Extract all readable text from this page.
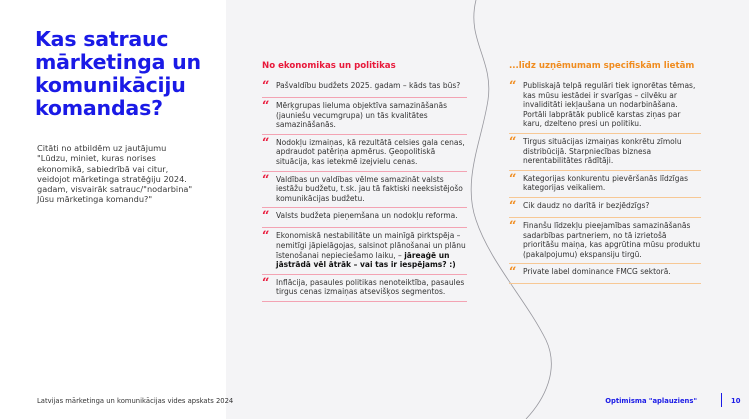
Kas satrauc mārketinga un komunikāciju komandas?

Citāti no atbildēm uz jautājumu "Lūdzu, miniet, kuras norises ekonomikā, sabiedrībā vai citur, veidojot mārketinga stratēģiju 2024. gadam, visvairāk satrauc/"nodarbina" Jūsu mārketinga komandu?"

No ekonomikas un politikas
“ Pašvaldību budžets 2025. gadam – kāds tas būs?
“ Mērķgrupas lieluma objektīva samazināšanās (jauniešu vecumgrupa) un tās kvalitātes samazināšanās.
“ Nodokļu izmaiņas, kā rezultātā celsies gala cenas, apdraudot patēriņa apmērus. Ģeopolitiskā situācija, kas ietekmē izejvielu cenas.
“ Valdības un valdības vēlme samazināt valsts iestāžu budžetu, t.sk. jau tā faktiski neeksistējošo komunikācijas budžetu.
“ Valsts budžeta pieņemšana un nodokļu reforma.
“ Ekonomiskā nestabilitāte un mainīgā pirktspēja – nemitīgi jāpielāgojas, salsinot plānošanai un plānu īstenošanai nepieciešamo laiku, – jāreaģē un jāstrādā vēl ātrāk – vai tas ir iespējams? :)
“ Inflācija, pasaules politikas nenoteiktība, pasaules tirgus cenas izmaiņas atsevišķos segmentos.
...līdz uzņēmumam specifiskām lietām
“ Publiskajā telpā regulāri tiek ignorētas tēmas, kas mūsu iestādei ir svarīgas – cilvēku ar invaliditāti iekļaušana un nodarbināšana. Portāli labprātāk publicē karstas ziņas par karu, dzelteno presi un politiku.
“ Tirgus situācijas izmaiņas konkrētu zīmolu distribūcijā. Starpniecības biznesa nerentabilitātes rādītāji.
“ Kategorijas konkurentu pievēršanās līdzīgas kategorijas veikaliem.
“ Cik daudz no darītā ir bezjēdzīgs?
“ Finanšu līdzekļu pieejamības samazināšanās sadarbības partneriem, no tā izrietošā prioritāšu maiņa, kas apgrūtina mūsu produktu (pakalpojumu) ekspansiju tirgū.
“ Private label dominance FMCG sektorā.
Latvijas mārketinga un komunikācijas vides apskats 2024	Optimisma "aplauziens"	10
